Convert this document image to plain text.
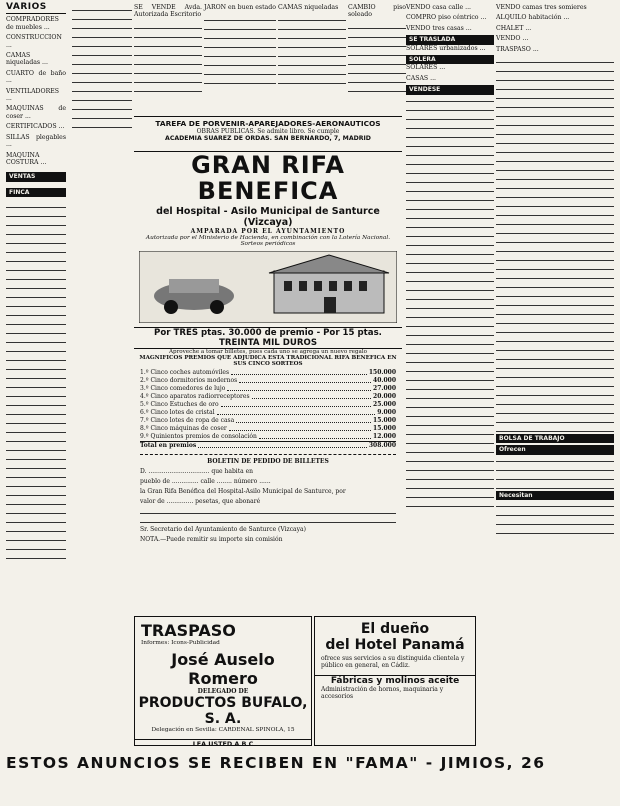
VARIOS

COMPRADORES de muebles ...

CONSTRUCCION ...

CAMAS niqueladas ...

CUARTO de baño ...

VENTILADORES ...

MAQUINAS de coser ...

CERTIFICADOS ...

SILLAS plegables ...

MAQUINA COSTURA ...

VENTAS
FINCA

SE VENDE Avda. Autorizada Escritorio

JARON en buen estado CAMAS niqueladas	CAMBIO piso soleado

TAREFA DE PORVENIR-APAREJADORES-AERONAUTICOS
OBRAS PUBLICAS. Se admite libro. Se cumple
ACADEMIA SUAREZ DE ORDAS. SAN BERNARDO, 7, MADRID
GRAN RIFA BENEFICA
del Hospital - Asilo Municipal de Santurce (Vizcaya)
AMPARADA POR EL AYUNTAMIENTO
Autorizada por el Ministerio de Hacienda, en combinación con la Lotería Nacional. Sorteos periódicos
Por TRES ptas. 30.000 de premio - Por 15 ptas. TREINTA MIL DUROS
Aproveche a tomar billetes, pues cada uno se agrega un nuevo regalo
MAGNIFICOS PREMIOS QUE ADJUDICA ESTA TRADICIONAL RIFA BENEFICA EN SUS CINCO SORTEOS
1.º Cinco coches automóviles	150.000
2.º Cinco dormitorios modernos	40.000
3.º Cinco comedores de lujo	27.000
4.º Cinco aparatos radiorreceptores	20.000
5.º Cinco Estuches de oro	25.000
6.º Cinco lotes de cristal	9.000
7.º Cinco lotes de ropa de casa	15.000
8.º Cinco máquinas de coser	15.000
9.º Quinientos premios de consolación	12.000
Total en premios	308.000
BOLETIN DE PEDIDO DE BILLETES
D. ................................ que habita en
pueblo de .............. calle ........ número ......
la Gran Rifa Benéfica del Hospital-Asilo Municipal de Santurce, por
valor de .............. pesetas, que abonaré
Sr. Secretario del Ayuntamiento de Santurce (Vizcaya)
NOTA.—Puede remitir su importe sin comisión
TRASPASO
Informes: Icons-Publicidad
José Auselo Romero
DELEGADO DE
PRODUCTOS BUFALO, S. A.
Delegación en Sevilla: CARDENAL SPINOLA, 15
LEA USTED A B C
El dueño
del Hotel Panamá
ofrece sus servicios a su distinguida clientela y público en general, en Cádiz.
Fábricas y molinos aceite
Administración de hornos, maquinaria y accesorios

VENDO casa calle ...

COMPRO piso céntrico ...

VENDO tres casas ...

SE TRASLADA

SOLARES urbanizados ...

SOLERA

SOLARES ...

CASAS ...

VENDESE

VENDO camas tres somieres

ALQUILO habitación ...

CHALET ...

VENDO ...

TRASPASO ...

BOLSA DE TRABAJO
Ofrecen
Necesitan
ESTOS ANUNCIOS SE RECIBEN EN "FAMA" - JIMIOS, 26
